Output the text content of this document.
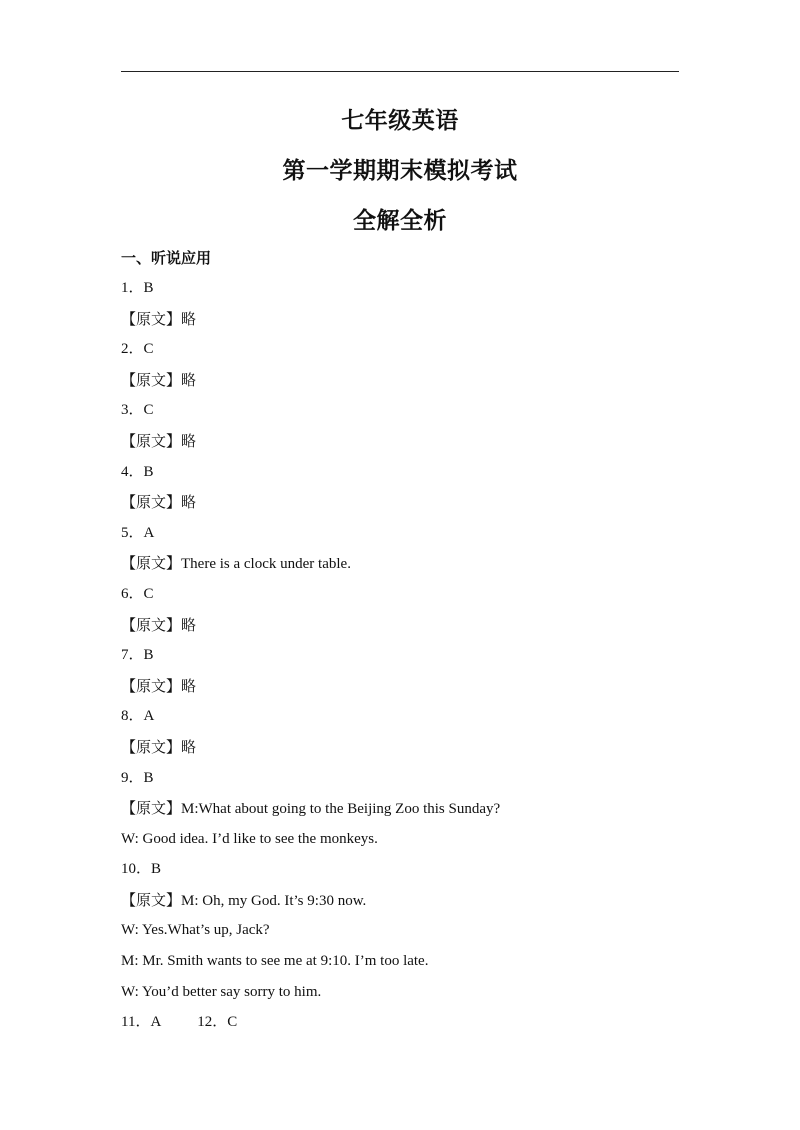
七年级英语
第一学期期末模拟考试
全解全析
一、听说应用
1．B
【原文】略
2．C
【原文】略
3．C
【原文】略
4．B
【原文】略
5．A
【原文】There is a clock under table.
6．C
【原文】略
7．B
【原文】略
8．A
【原文】略
9．B
【原文】M:What about going to the Beijing Zoo this Sunday?
W: Good idea. I’d like to see the monkeys.
10．B
【原文】M: Oh, my God. It’s 9:30 now.
W: Yes.What’s up, Jack?
M: Mr. Smith wants to see me at 9:10. I’m too late.
W: You’d better say sorry to him.
11．A 12．C
